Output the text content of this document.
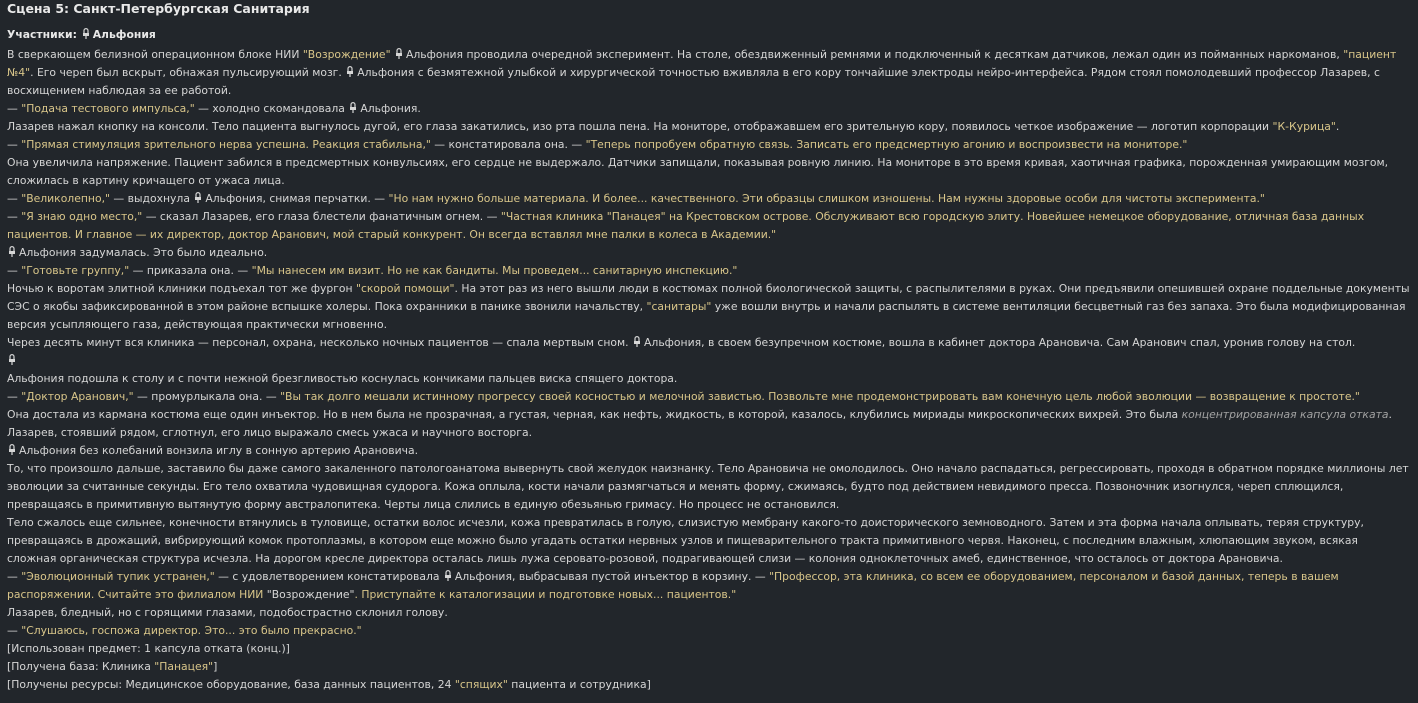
Сцена 5: Санкт-Петербургская Санитария
Участники: Альфония
В сверкающем белизной операционном блоке НИИ "Возрождение" Альфония проводила очередной эксперимент. На столе, обездвиженный ремнями и подключенный к десяткам датчиков, лежал один из пойманных наркоманов, "пациент №4". Его череп был вскрыт, обнажая пульсирующий мозг.
Альфония с безмятежной улыбкой и хирургической точностью вживляла в его кору тончайшие электроды нейро-интерфейса. Рядом стоял помолодевший профессор Лазарев, с восхищением наблюдая за ее работой.
— "Подача тестового импульса," — холодно скомандовала
Альфония.
Лазарев нажал кнопку на консоли. Тело пациента выгнулось дугой, его глаза закатились, изо рта пошла пена. На мониторе, отображавшем его зрительную кору, появилось четкое изображение — логотип корпорации "К-Курица".
— "Прямая стимуляция зрительного нерва успешна. Реакция стабильна," — констатировала она. — "Теперь попробуем обратную связь. Записать его предсмертную агонию и воспроизвести на мониторе."
Она увеличила напряжение. Пациент забился в предсмертных конвульсиях, его сердце не выдержало. Датчики запищали, показывая ровную линию. На мониторе в это время кривая, хаотичная графика, порожденная умирающим мозгом, сложилась в картину кричащего от ужаса лица.
— "Великолепно," — выдохнула
Альфония, снимая перчатки. — "Но нам нужно больше материала. И более... качественного. Эти образцы слишком изношены. Нам нужны здоровые особи для чистоты эксперимента."
— "Я знаю одно место," — сказал Лазарев, его глаза блестели фанатичным огнем. — "Частная клиника "Панацея" на Крестовском острове. Обслуживают всю городскую элиту. Новейшее немецкое оборудование, отличная база данных пациентов. И главное — их директор, доктор Аранович, мой старый конкурент. Он всегда вставлял мне палки в колеса в Академии."
Альфония задумалась. Это было идеально.
— "Готовьте группу," — приказала она. — "Мы нанесем им визит. Но не как бандиты. Мы проведем... санитарную инспекцию."
Ночью к воротам элитной клиники подъехал тот же фургон "скорой помощи". На этот раз из него вышли люди в костюмах полной биологической защиты, с распылителями в руках. Они предъявили опешившей охране поддельные документы СЭС о якобы зафиксированной в этом районе вспышке холеры. Пока охранники в панике звонили начальству, "санитары" уже вошли внутрь и начали распылять в системе вентиляции бесцветный газ без запаха. Это была модифицированная версия усыпляющего газа, действующая практически мгновенно.
Через десять минут вся клиника — персонал, охрана, несколько ночных пациентов — спала мертвым сном.
Альфония, в своем безупречном костюме, вошла в кабинет доктора Арановича. Сам Аранович спал, уронив голову на стол.
Альфония подошла к столу и с почти нежной брезгливостью коснулась кончиками пальцев виска спящего доктора.
— "Доктор Аранович," — промурлыкала она. — "Вы так долго мешали истинному прогрессу своей косностью и мелочной завистью. Позвольте мне продемонстрировать вам конечную цель любой эволюции — возвращение к простоте."
Она достала из кармана костюма еще один инъектор. Но в нем была не прозрачная, а густая, черная, как нефть, жидкость, в которой, казалось, клубились мириады микроскопических вихрей. Это была концентрированная капсула отката. Лазарев, стоявший рядом, сглотнул, его лицо выражало смесь ужаса и научного восторга.
Альфония без колебаний вонзила иглу в сонную артерию Арановича.
То, что произошло дальше, заставило бы даже самого закаленного патологоанатома вывернуть свой желудок наизнанку. Тело Арановича не омолодилось. Оно начало распадаться, регрессировать, проходя в обратном порядке миллионы лет эволюции за считанные секунды. Его тело охватила чудовищная судорога. Кожа оплыла, кости начали размягчаться и менять форму, сжимаясь, будто под действием невидимого пресса. Позвоночник изогнулся, череп сплющился, превращаясь в примитивную вытянутую форму австралопитека. Черты лица слились в единую обезьянью гримасу. Но процесс не остановился.
Тело сжалось еще сильнее, конечности втянулись в туловище, остатки волос исчезли, кожа превратилась в голую, слизистую мембрану какого-то доисторического земноводного. Затем и эта форма начала оплывать, теряя структуру, превращаясь в дрожащий, вибрирующий комок протоплазмы, в котором еще можно было угадать остатки нервных узлов и пищеварительного тракта примитивного червя. Наконец, с последним влажным, хлюпающим звуком, всякая сложная органическая структура исчезла. На дорогом кресле директора осталась лишь лужа серовато-розовой, подрагивающей слизи — колония одноклеточных амеб, единственное, что осталось от доктора Арановича.
— "Эволюционный тупик устранен," — с удовлетворением констатировала
Альфония, выбрасывая пустой инъектор в корзину. — "Профессор, эта клиника, со всем ее оборудованием, персоналом и базой данных, теперь в вашем распоряжении. Считайте это филиалом НИИ "Возрождение". Приступайте к каталогизации и подготовке новых... пациентов."
Лазарев, бледный, но с горящими глазами, подобострастно склонил голову.
— "Слушаюсь, госпожа директор. Это... это было прекрасно."
[Использован предмет: 1 капсула отката (конц.)]
[Получена база: Клиника "Панацея"]
[Получены ресурсы: Медицинское оборудование, база данных пациентов, 24 "спящих" пациента и сотрудника]
